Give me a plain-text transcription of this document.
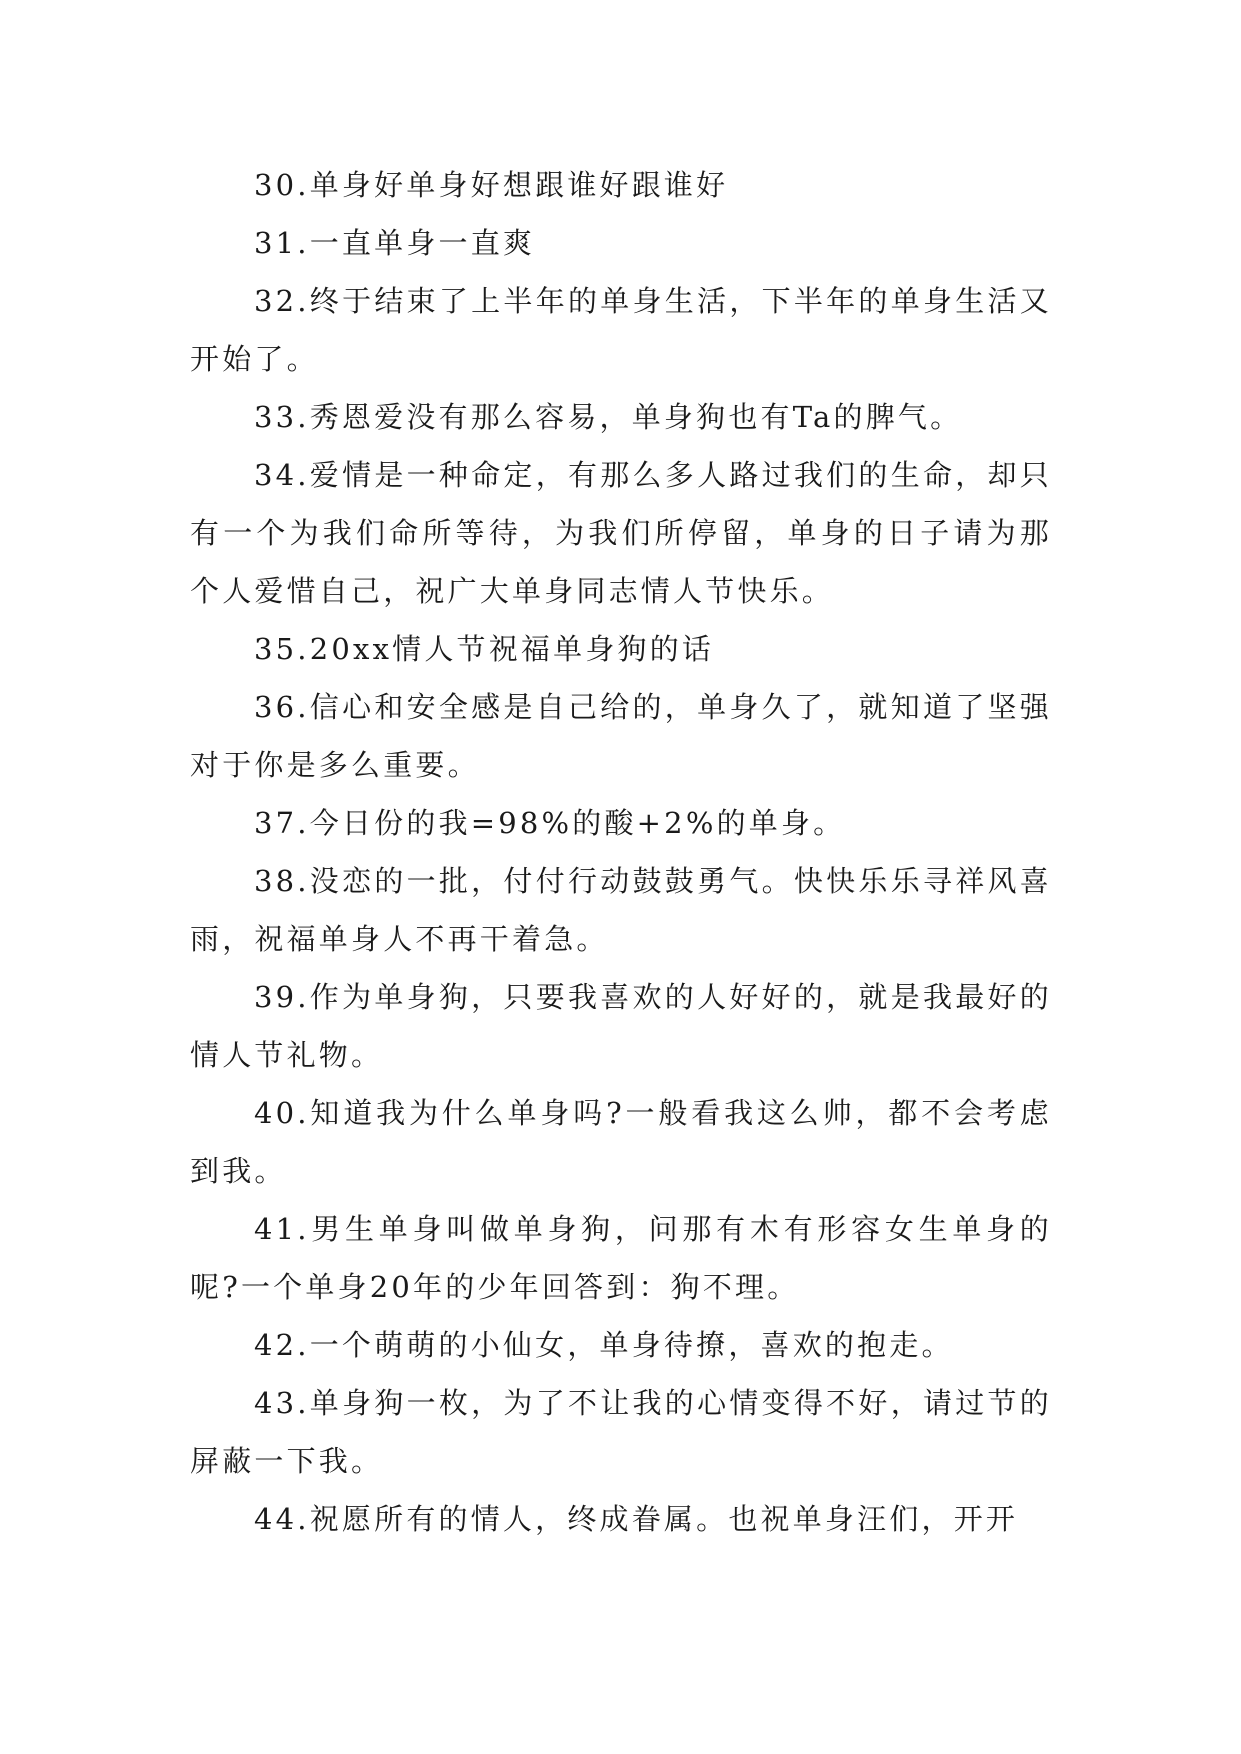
30.单身好单身好想跟谁好跟谁好

31.一直单身一直爽

32.终于结束了上半年的单身生活，下半年的单身生活又开始了。

33.秀恩爱没有那么容易，单身狗也有Ta的脾气。

34.爱情是一种命定，有那么多人路过我们的生命，却只有一个为我们命所等待，为我们所停留，单身的日子请为那个人爱惜自己，祝广大单身同志情人节快乐。

35.20xx情人节祝福单身狗的话

36.信心和安全感是自己给的，单身久了，就知道了坚强对于你是多么重要。

37.今日份的我=98%的酸+2%的单身。

38.没恋的一批，付付行动鼓鼓勇气。快快乐乐寻祥风喜雨，祝福单身人不再干着急。

39.作为单身狗，只要我喜欢的人好好的，就是我最好的情人节礼物。

40.知道我为什么单身吗?一般看我这么帅，都不会考虑到我。

41.男生单身叫做单身狗，问那有木有形容女生单身的呢?一个单身20年的少年回答到：狗不理。

42.一个萌萌的小仙女，单身待撩，喜欢的抱走。

43.单身狗一枚，为了不让我的心情变得不好，请过节的屏蔽一下我。

44.祝愿所有的情人，终成眷属。也祝单身汪们，开开
